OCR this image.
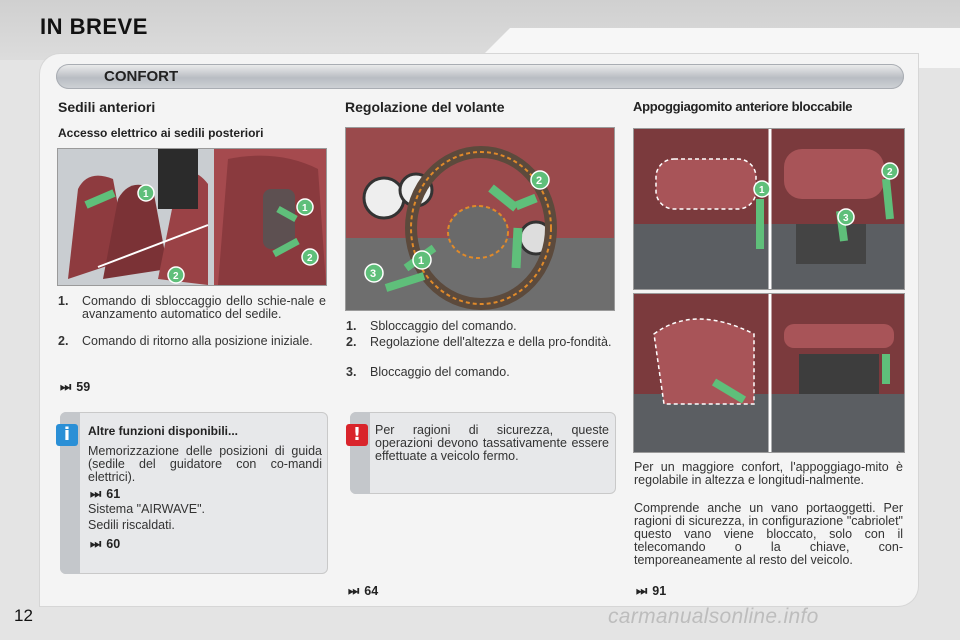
IN BREVE
CONFORT
Sedili anteriori
Accesso elettrico ai sedili posteriori
1
2
1
2
1. Comando di sbloccaggio dello schie-nale e avanzamento automatico del sedile.
2. Comando di ritorno alla posizione iniziale.
⏭ 59
i	Altre funzioni disponibili...
Memorizzazione delle posizioni di guida (sedile del guidatore con co-mandi elettrici).
⏭ 61
Sistema "AIRWAVE".
Sedili riscaldati.
⏭ 60
Regolazione del volante
2
3
1
1. Sbloccaggio del comando.
2. Regolazione dell'altezza e della pro-fondità.
3. Bloccaggio del comando.
!	Per ragioni di sicurezza, queste operazioni devono tassativamente essere effettuate a veicolo fermo.
⏭ 64
Appoggiagomito anteriore bloccabile
1
2
3
Per un maggiore confort, l'appoggiago-mito è regolabile in altezza e longitudi-nalmente.
Comprende anche un vano portaoggetti. Per ragioni di sicurezza, in configurazione "cabriolet" questo vano viene bloccato, solo con il telecomando o la chiave, con-temporeaneamente al resto del veicolo.
⏭ 91
12	carmanualsonline.info
